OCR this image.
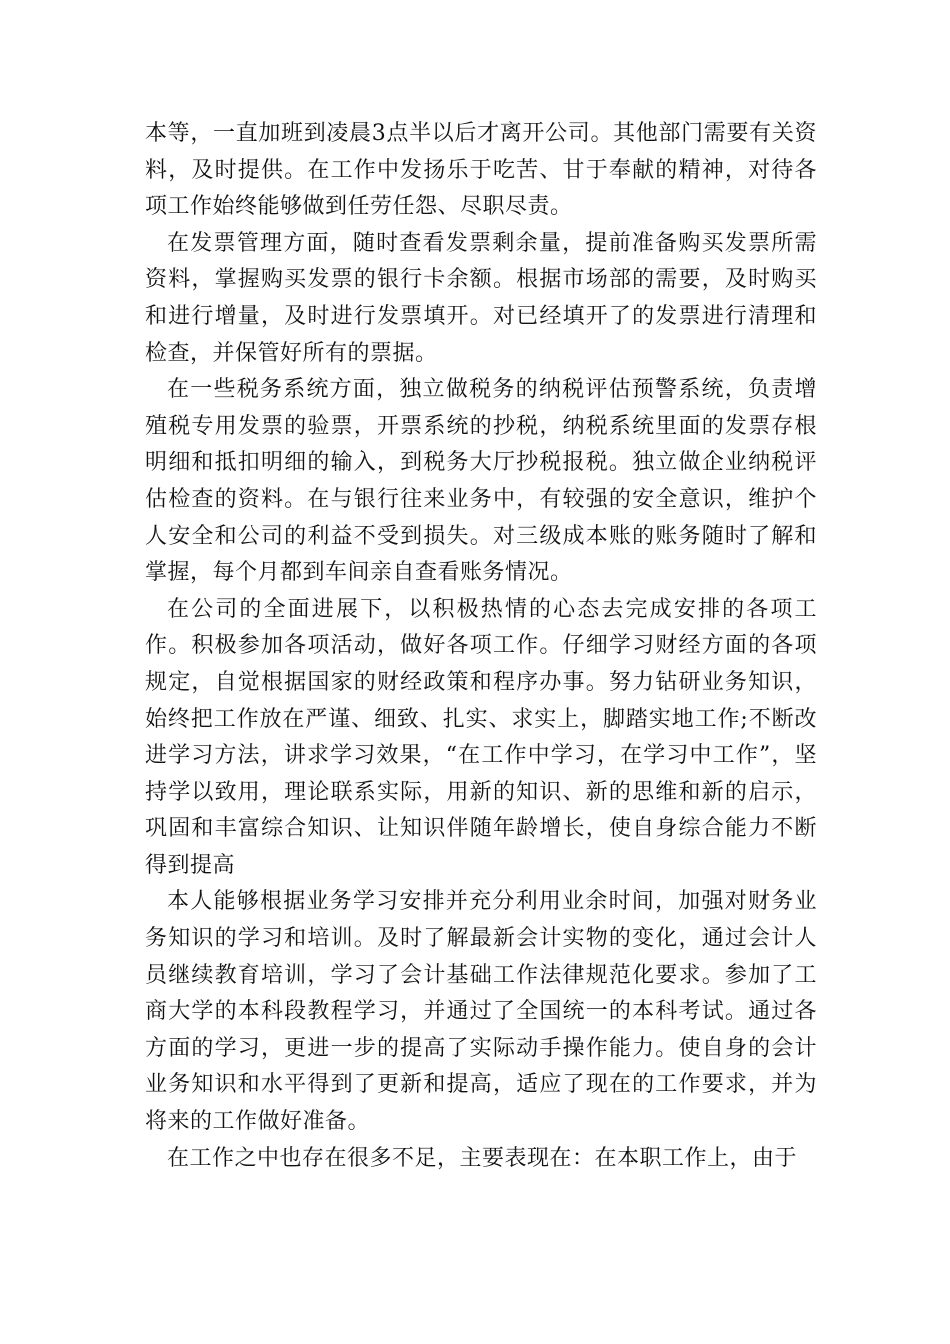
本等，一直加班到凌晨3点半以后才离开公司。其他部门需要有关资料，及时提供。在工作中发扬乐于吃苦、甘于奉献的精神，对待各项工作始终能够做到任劳任怨、尽职尽责。

在发票管理方面，随时查看发票剩余量，提前准备购买发票所需资料，掌握购买发票的银行卡余额。根据市场部的需要，及时购买和进行增量，及时进行发票填开。对已经填开了的发票进行清理和检查，并保管好所有的票据。

在一些税务系统方面，独立做税务的纳税评估预警系统，负责增殖税专用发票的验票，开票系统的抄税，纳税系统里面的发票存根明细和抵扣明细的输入，到税务大厅抄税报税。独立做企业纳税评估检查的资料。在与银行往来业务中，有较强的安全意识，维护个人安全和公司的利益不受到损失。对三级成本账的账务随时了解和掌握，每个月都到车间亲自查看账务情况。

在公司的全面进展下，以积极热情的心态去完成安排的各项工作。积极参加各项活动，做好各项工作。仔细学习财经方面的各项规定，自觉根据国家的财经政策和程序办事。努力钻研业务知识，始终把工作放在严谨、细致、扎实、求实上，脚踏实地工作;不断改进学习方法，讲求学习效果，“在工作中学习，在学习中工作”，坚持学以致用，理论联系实际，用新的知识、新的思维和新的启示，巩固和丰富综合知识、让知识伴随年龄增长，使自身综合能力不断得到提高

本人能够根据业务学习安排并充分利用业余时间，加强对财务业务知识的学习和培训。及时了解最新会计实物的变化，通过会计人员继续教育培训，学习了会计基础工作法律规范化要求。参加了工商大学的本科段教程学习，并通过了全国统一的本科考试。通过各方面的学习，更进一步的提高了实际动手操作能力。使自身的会计业务知识和水平得到了更新和提高，适应了现在的工作要求，并为将来的工作做好准备。

在工作之中也存在很多不足，主要表现在：在本职工作上，由于
